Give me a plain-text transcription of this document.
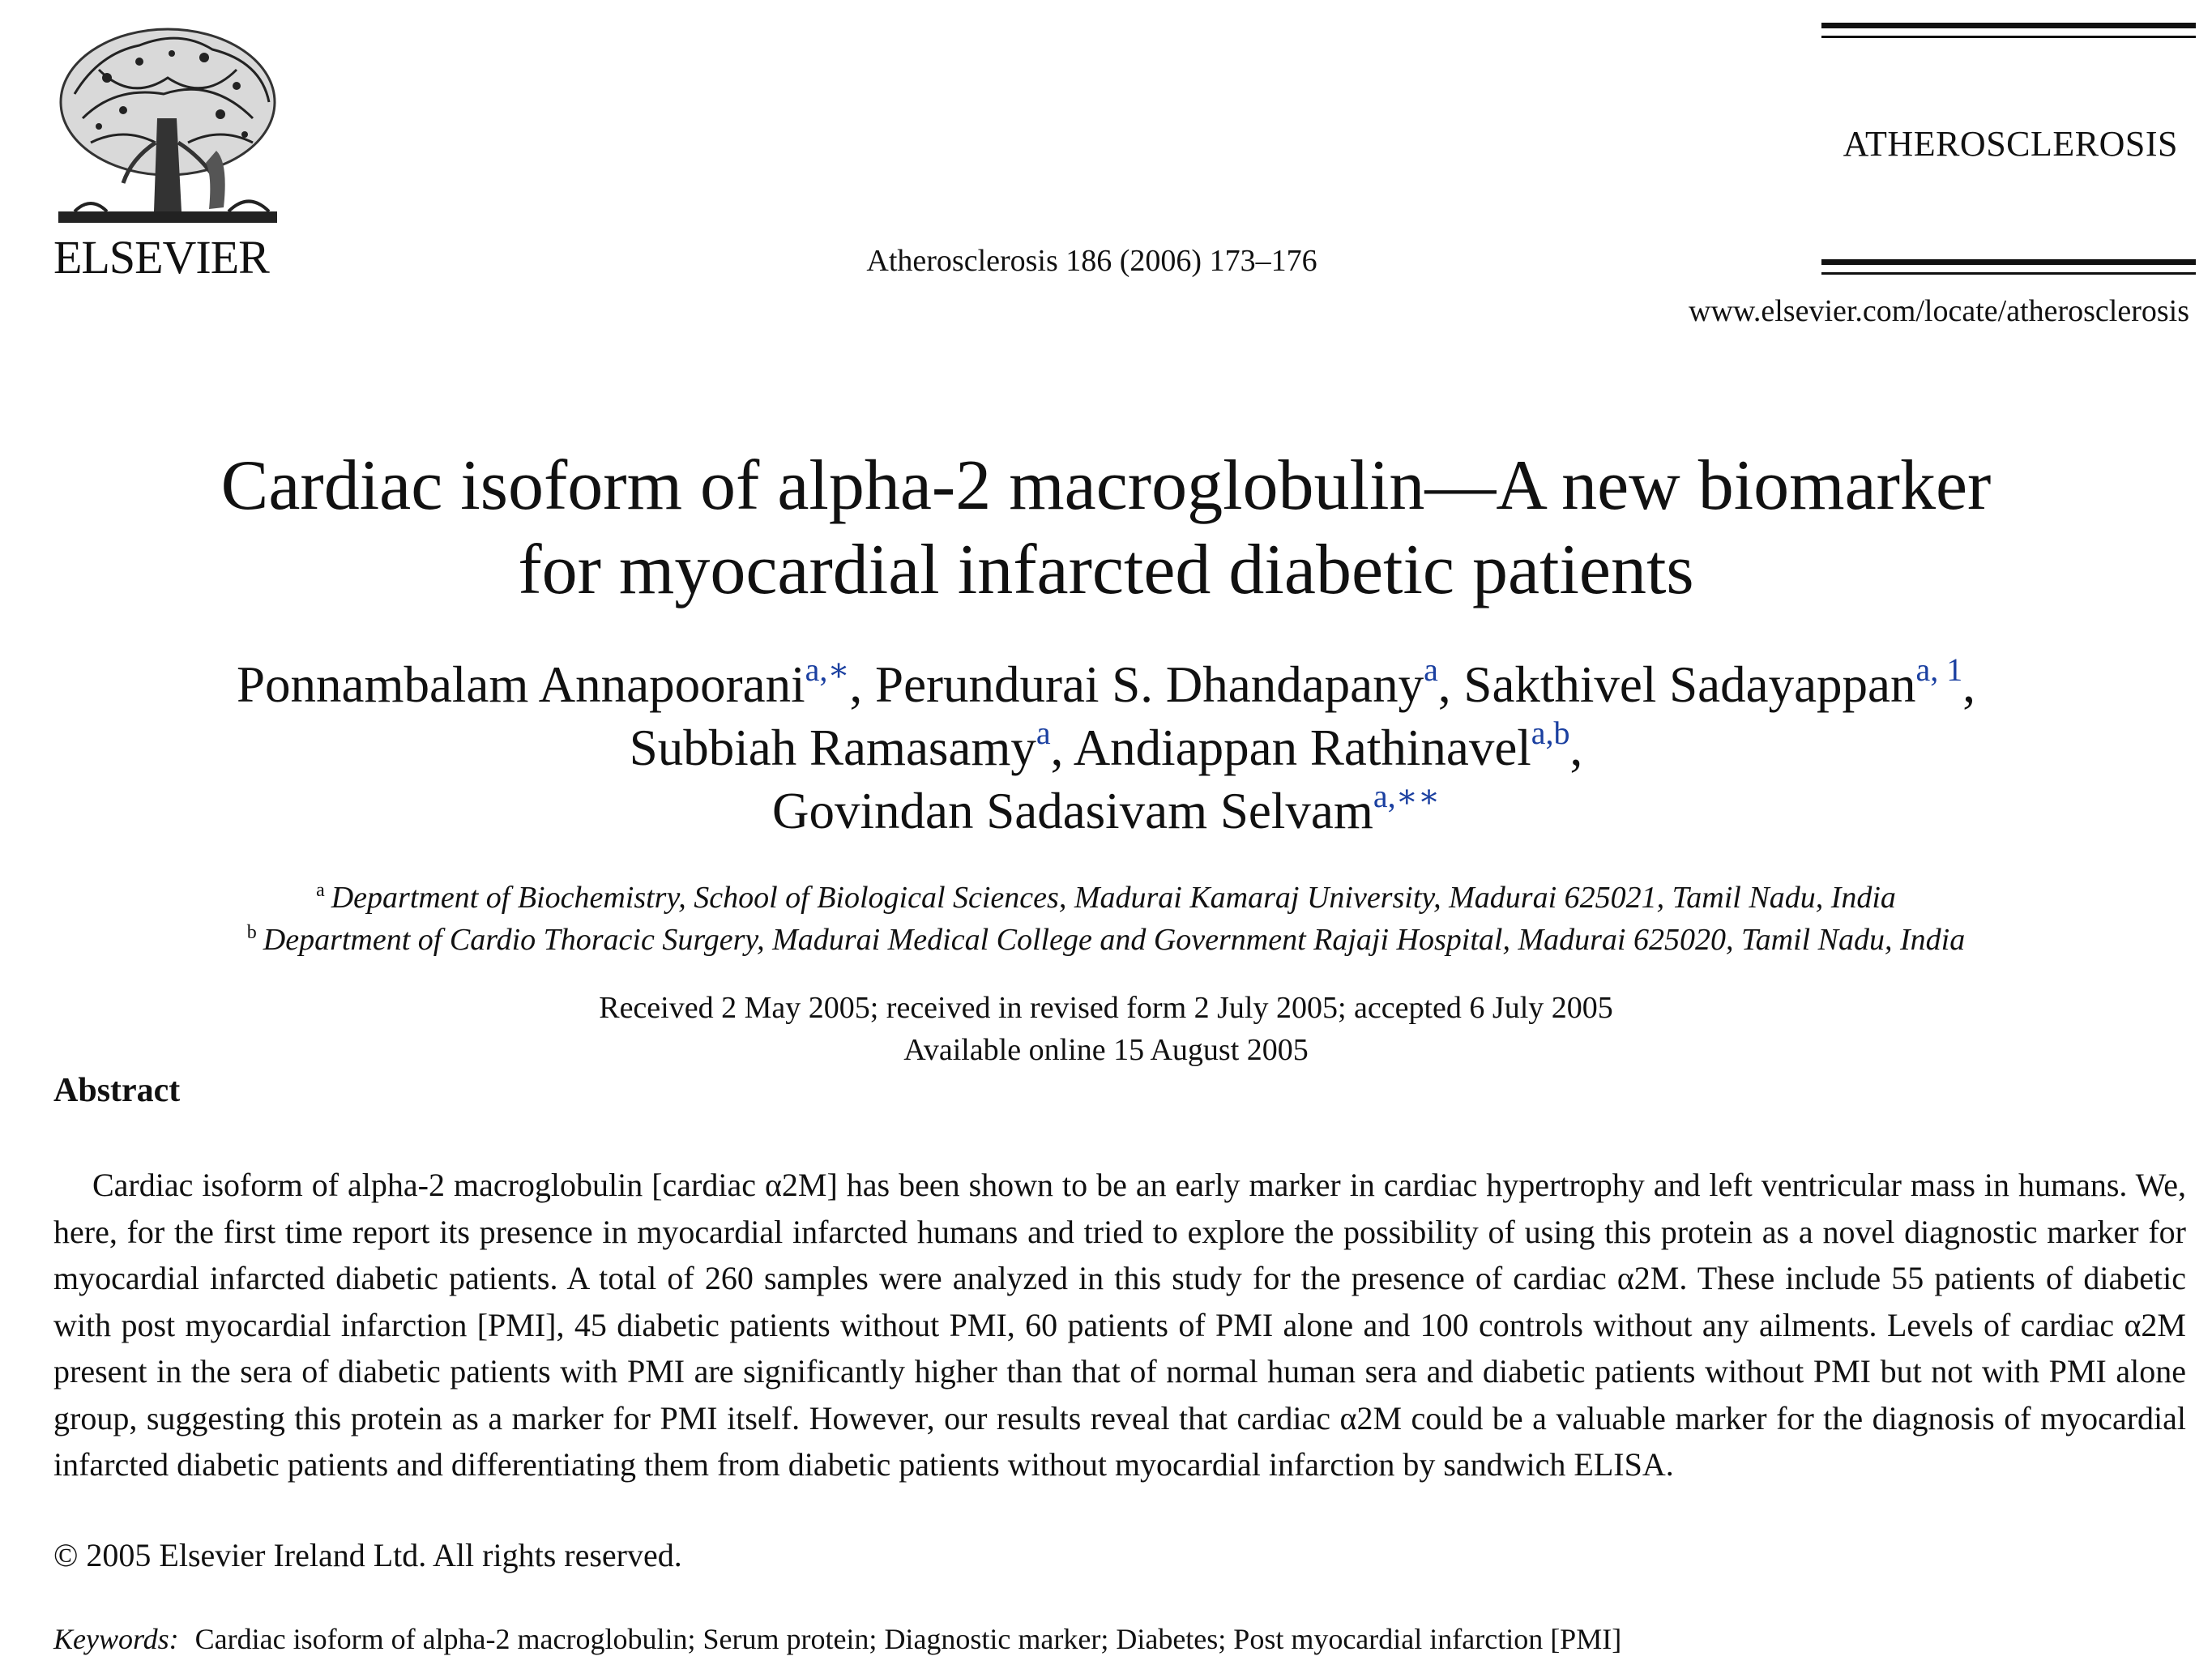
ELSEVIER	Atherosclerosis 186 (2006) 173–176
ATHEROSCLEROSIS
www.elsevier.com/locate/atherosclerosis
Cardiac isoform of alpha-2 macroglobulin—A new biomarker
for myocardial infarcted diabetic patients
Ponnambalam Annapoorani$^{a,∗}$, Perundurai S. Dhandapany$^a$, Sakthivel Sadayappan$^{a, 1}$,
Subbiah Ramasamy$^a$, Andiappan Rathinavel$^{a,b}$,
Govindan Sadasivam Selvam$^{a,∗∗}$
$^a$ Department of Biochemistry, School of Biological Sciences, Madurai Kamaraj University, Madurai 625021, Tamil Nadu, India
$^b$ Department of Cardio Thoracic Surgery, Madurai Medical College and Government Rajaji Hospital, Madurai 625020, Tamil Nadu, India
Received 2 May 2005; received in revised form 2 July 2005; accepted 6 July 2005
Available online 15 August 2005
Abstract
Cardiac isoform of alpha-2 macroglobulin [cardiac α2M] has been shown to be an early marker in cardiac hypertrophy and left ventricular mass in humans. We, here, for the first time report its presence in myocardial infarcted humans and tried to explore the possibility of using this protein as a novel diagnostic marker for myocardial infarcted diabetic patients. A total of 260 samples were analyzed in this study for the presence of cardiac α2M. These include 55 patients of diabetic with post myocardial infarction [PMI], 45 diabetic patients without PMI, 60 patients of PMI alone and 100 controls without any ailments. Levels of cardiac α2M present in the sera of diabetic patients with PMI are significantly higher than that of normal human sera and diabetic patients without PMI but not with PMI alone group, suggesting this protein as a marker for PMI itself. However, our results reveal that cardiac α2M could be a valuable marker for the diagnosis of myocardial infarcted diabetic patients and differentiating them from diabetic patients without myocardial infarction by sandwich ELISA.
© 2005 Elsevier Ireland Ltd. All rights reserved.
Keywords: Cardiac isoform of alpha-2 macroglobulin; Serum protein; Diagnostic marker; Diabetes; Post myocardial infarction [PMI]
